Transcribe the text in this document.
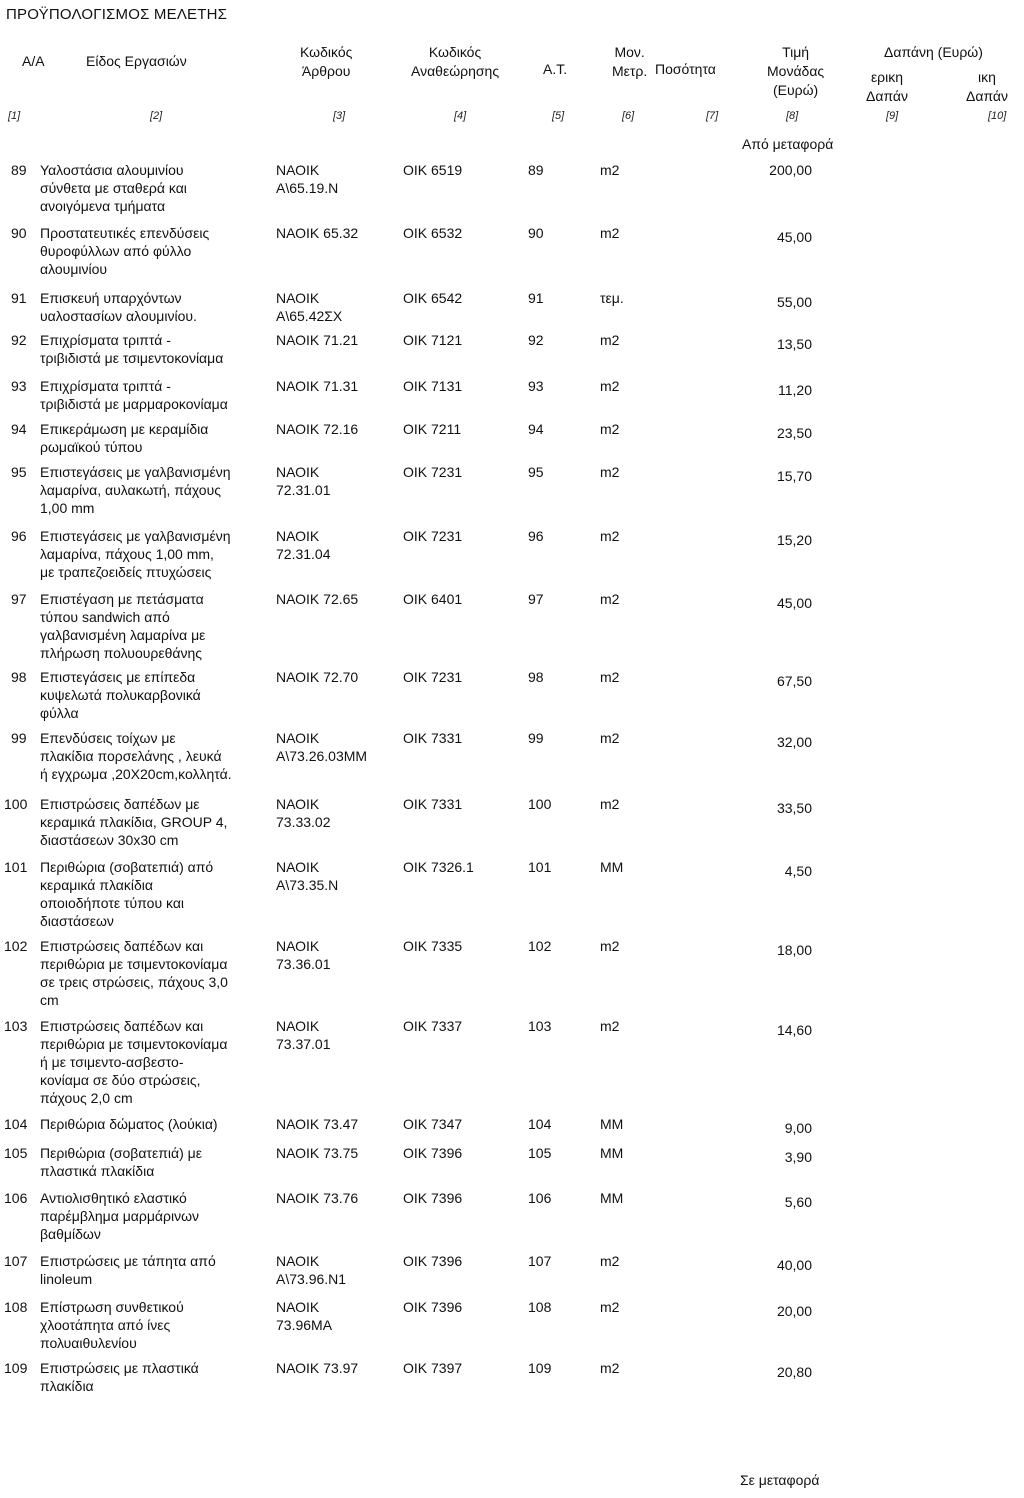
ΠΡΟΫΠΟΛΟΓΙΣΜΟΣ ΜΕΛΕΤΗΣ
Α/Α	Είδος Εργασιών
Κωδικός
Άρθρου
Κωδικός
Αναθεώρησης	Α.Τ.
Μον.
Μετρ. Ποσότητα
Τιμή
Μονάδας
(Ευρώ)
Δαπάνη (Ευρώ)
ερικη
Δαπάν
ικη
Δαπάν
[1]	[2]	[3]	[4]	[5]	[6]	[7]	[8]	[9]	[10]
Από μεταφορά
89 Υαλοστάσια αλουμινίου
σύνθετα με σταθερά και
ανοιγόμενα τμήματα
ΝΑΟΙΚ
Α\65.19.Ν
ΟΙΚ 6519	89	m2	200,00
90 Προστατευτικές επενδύσεις
θυροφύλλων από φύλλο
αλουμινίου
ΝΑΟΙΚ 65.32	ΟΙΚ 6532	90	m2	45,00
91 Επισκευή υπαρχόντων
υαλοστασίων αλουμινίου.
ΝΑΟΙΚ
Α\65.42ΣΧ
ΟΙΚ 6542	91	τεμ.	55,00
92 Επιχρίσματα τριπτά -
τριβιδιστά με τσιμεντοκονίαμα
ΝΑΟΙΚ 71.21	ΟΙΚ 7121	92	m2	13,50
93 Επιχρίσματα τριπτά -
τριβιδιστά με μαρμαροκονίαμα
ΝΑΟΙΚ 71.31	ΟΙΚ 7131	93	m2	11,20
94 Επικεράμωση με κεραμίδια
ρωμαϊκού τύπου
ΝΑΟΙΚ 72.16	ΟΙΚ 7211	94	m2	23,50
95 Επιστεγάσεις με γαλβανισμένη
λαμαρίνα, αυλακωτή, πάχους
1,00 mm
ΝΑΟΙΚ
72.31.01
ΟΙΚ 7231	95	m2	15,70
96 Επιστεγάσεις με γαλβανισμένη
λαμαρίνα, πάχους 1,00 mm,
με τραπεζοειδείς πτυχώσεις
ΝΑΟΙΚ
72.31.04
ΟΙΚ 7231	96	m2	15,20
97 Επιστέγαση με πετάσματα
τύπου sandwich από
γαλβανισμένη λαμαρίνα με
πλήρωση πολυουρεθάνης
ΝΑΟΙΚ 72.65	ΟΙΚ 6401	97	m2	45,00
98 Επιστεγάσεις με επίπεδα
κυψελωτά πολυκαρβονικά
φύλλα
ΝΑΟΙΚ 72.70	ΟΙΚ 7231	98	m2	67,50
99 Επενδύσεις τοίχων με
πλακίδια πορσελάνης , λευκά
ή εγχρωμα ,20Χ20cm,κολλητά.
ΝΑΟΙΚ
Α\73.26.03ΜΜ
ΟΙΚ 7331	99	m2	32,00
100 Επιστρώσεις δαπέδων με
κεραμικά πλακίδια, GROUP 4,
διαστάσεων 30x30 cm
ΝΑΟΙΚ
73.33.02
ΟΙΚ 7331	100	m2	33,50
101 Περιθώρια (σοβατεπιά) από
κεραμικά πλακίδια
οποιοδήποτε τύπου και
διαστάσεων
ΝΑΟΙΚ
Α\73.35.Ν
ΟΙΚ 7326.1	101	ΜΜ	4,50
102 Επιστρώσεις δαπέδων και
περιθώρια με τσιμεντοκονίαμα
σε τρεις στρώσεις, πάχους 3,0
cm
ΝΑΟΙΚ
73.36.01
ΟΙΚ 7335	102	m2	18,00
103 Επιστρώσεις δαπέδων και
περιθώρια με τσιμεντοκονίαμα
ή με τσιμεντο-ασβεστο-
κονίαμα σε δύο στρώσεις,
πάχους 2,0 cm
ΝΑΟΙΚ
73.37.01
ΟΙΚ 7337	103	m2	14,60
104 Περιθώρια δώματος (λούκια)	ΝΑΟΙΚ 73.47	ΟΙΚ 7347	104	ΜΜ	9,00
105 Περιθώρια (σοβατεπιά) με
πλαστικά πλακίδια
ΝΑΟΙΚ 73.75	ΟΙΚ 7396	105	ΜΜ	3,90
106 Αντιολισθητικό ελαστικό
παρέμβλημα μαρμάρινων
βαθμίδων
ΝΑΟΙΚ 73.76	ΟΙΚ 7396	106	ΜΜ	5,60
107 Επιστρώσεις με τάπητα από
linoleum
ΝΑΟΙΚ
Α\73.96.Ν1
ΟΙΚ 7396	107	m2	40,00
108 Επίστρωση συνθετικού
χλοοτάπητα από ίνες
πολυαιθυλενίου
ΝΑΟΙΚ
73.96ΜΑ
ΟΙΚ 7396	108	m2	20,00
109 Επιστρώσεις με πλαστικά
πλακίδια
ΝΑΟΙΚ 73.97	ΟΙΚ 7397	109	m2	20,80
Σε μεταφορά
